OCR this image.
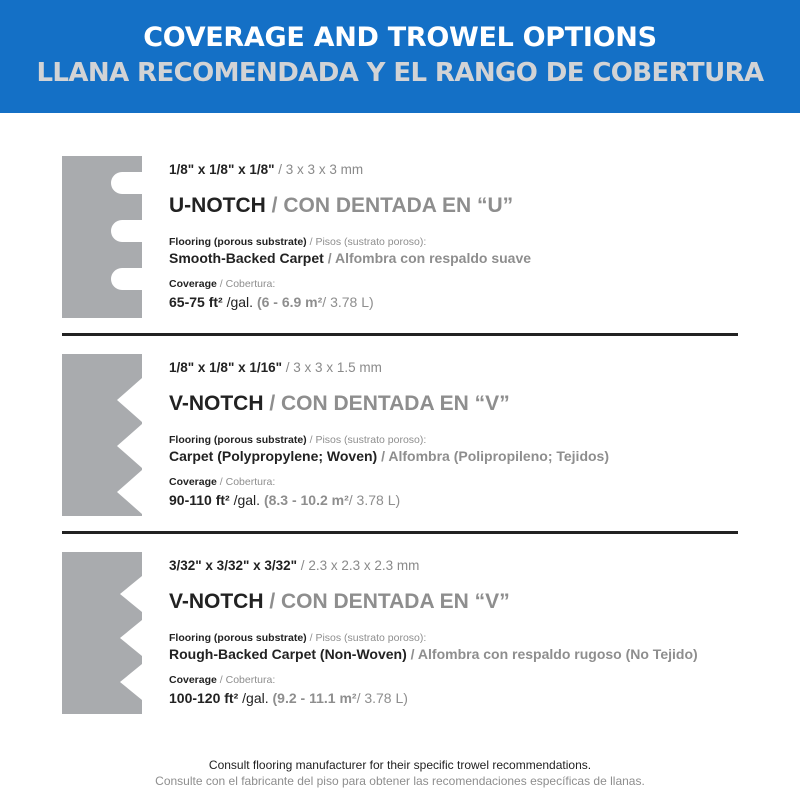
COVERAGE AND TROWEL OPTIONS
LLANA RECOMENDADA Y EL RANGO DE COBERTURA
1/8" x 1/8" x 1/8" / 3 x 3 x 3 mm
U-NOTCH / CON DENTADA EN “U”
Flooring (porous substrate) / Pisos (sustrato poroso):
Smooth-Backed Carpet / Alfombra con respaldo suave
Coverage / Cobertura:
65-75 ft² /gal. (6 - 6.9 m²/ 3.78 L)
1/8" x 1/8" x 1/16" / 3 x 3 x 1.5 mm
V-NOTCH / CON DENTADA EN “V”
Flooring (porous substrate) / Pisos (sustrato poroso):
Carpet (Polypropylene; Woven) / Alfombra (Polipropileno; Tejidos)
Coverage / Cobertura:
90-110 ft² /gal. (8.3 - 10.2 m²/ 3.78 L)
3/32" x 3/32" x 3/32" / 2.3 x 2.3 x 2.3 mm
V-NOTCH / CON DENTADA EN “V”
Flooring (porous substrate) / Pisos (sustrato poroso):
Rough-Backed Carpet (Non-Woven) / Alfombra con respaldo rugoso (No Tejido)
Coverage / Cobertura:
100-120 ft² /gal. (9.2 - 11.1 m²/ 3.78 L)
Consult flooring manufacturer for their specific trowel recommendations.
Consulte con el fabricante del piso para obtener las recomendaciones específicas de llanas.
